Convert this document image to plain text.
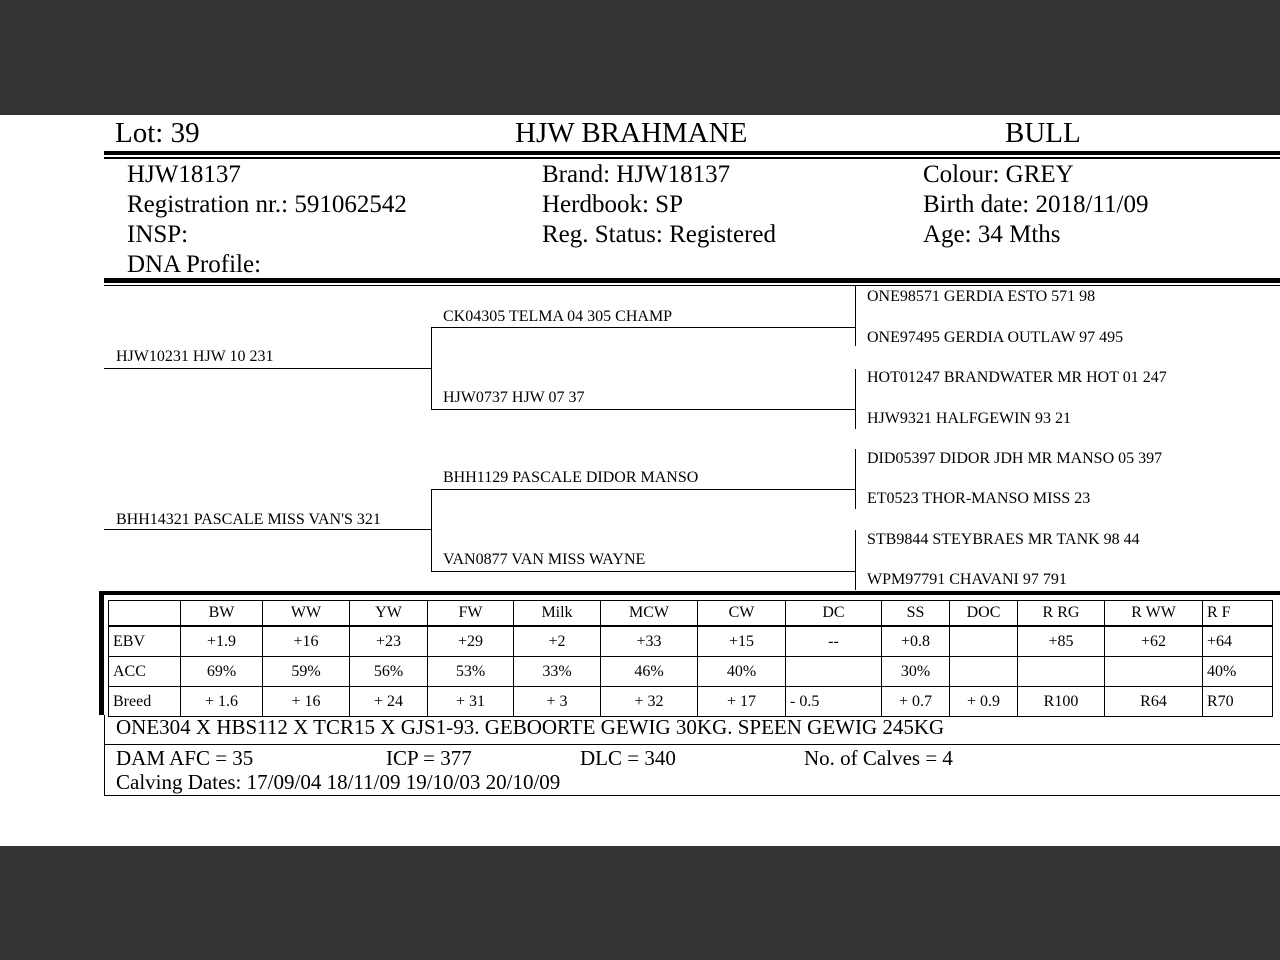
Lot: 39	HJW BRAHMANE	BULL
HJW18137
Registration nr.: 591062542
INSP:
DNA Profile:
Brand: HJW18137
Herdbook: SP
Reg. Status: Registered
Colour: GREY
Birth date: 2018/11/09
Age: 34 Mths
HJW10231 HJW 10 231
BHH14321 PASCALE MISS VAN'S 321
CK04305 TELMA 04 305 CHAMP
HJW0737 HJW 07 37
BHH1129 PASCALE DIDOR MANSO
VAN0877 VAN MISS WAYNE
ONE98571 GERDIA ESTO 571 98
ONE97495 GERDIA OUTLAW 97 495
HOT01247 BRANDWATER MR HOT 01 247
HJW9321 HALFGEWIN 93 21
DID05397 DIDOR JDH MR MANSO 05 397
ET0523 THOR-MANSO MISS 23
STB9844 STEYBRAES MR TANK 98 44
WPM97791 CHAVANI 97 791
	BW	WW	YW	FW	Milk	MCW	CW	DC	SS	DOC	R RG	R WW	R F
EBV	+1.9	+16	+23	+29	+2	+33	+15	--	+0.8		+85	+62	+64
ACC	69%	59%	56%	53%	33%	46%	40%		30%				40%
Breed	+ 1.6	+ 16	+ 24	+ 31	+ 3	+ 32	+ 17	- 0.5	+ 0.7	+ 0.9	R100	R64	R70
ONE304 X HBS112 X TCR15 X GJS1-93. GEBOORTE GEWIG 30KG. SPEEN GEWIG 245KG
DAM AFC = 35	ICP = 377	DLC = 340	No. of Calves = 4
Calving Dates: 17/09/04 18/11/09 19/10/03 20/10/09
